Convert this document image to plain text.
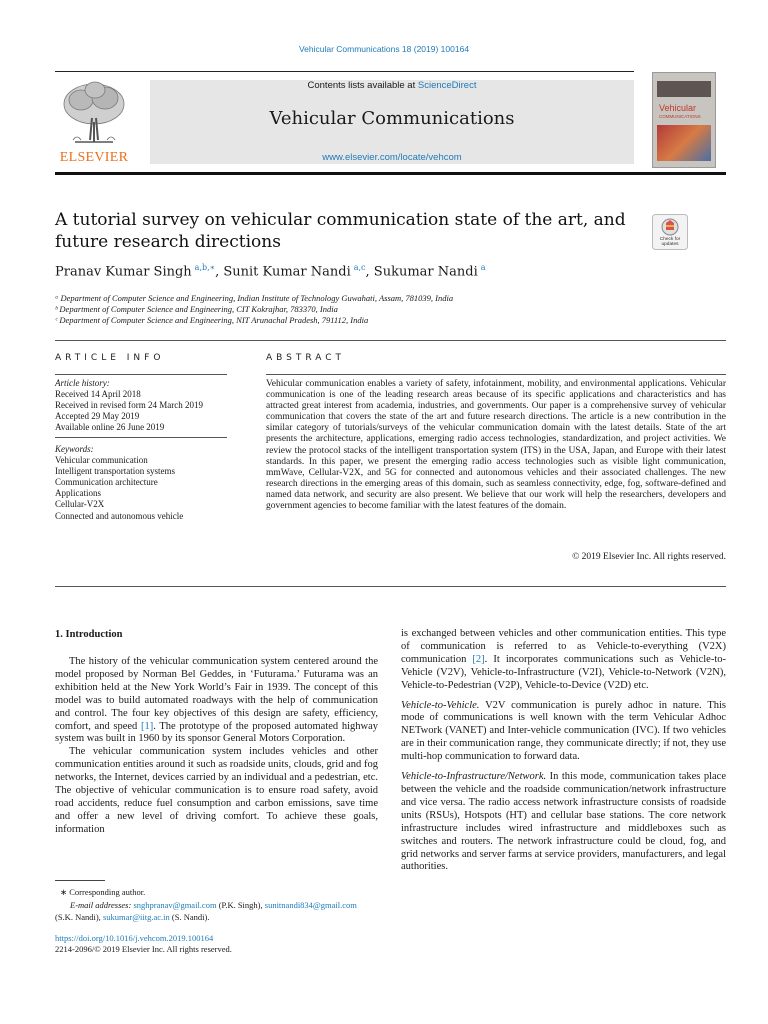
Vehicular Communications 18 (2019) 100164
ELSEVIER
Contents lists available at ScienceDirect
Vehicular Communications
www.elsevier.com/locate/vehcom
Vehicular
COMMUNICATIONS
A tutorial survey on vehicular communication state of the art, and
future research directions	Check for updates
Pranav Kumar Singh $^{a,b,∗}$, Sunit Kumar Nandi $^{a,c}$, Sukumar Nandi $^a$
ᵃ Department of Computer Science and Engineering, Indian Institute of Technology Guwahati, Assam, 781039, India
ᵇ Department of Computer Science and Engineering, CIT Kokrajhar, 783370, India
ᶜ Department of Computer Science and Engineering, NIT Arunachal Pradesh, 791112, India
ARTICLE INFO	ABSTRACT
Article history:
Received 14 April 2018
Received in revised form 24 March 2019
Accepted 29 May 2019
Available online 26 June 2019
Keywords:
Vehicular communication
Intelligent transportation systems
Communication architecture
Applications
Cellular-V2X
Connected and autonomous vehicle
Vehicular communication enables a variety of safety, infotainment, mobility, and environmental applications. Vehicular communication is one of the leading research areas because of its specific applications and characteristics and has attracted great interest from academia, industries, and governments. Our paper is a comprehensive survey of vehicular communication that covers the state of the art and future research directions. The article is a new contribution in the similar category of tutorials/surveys of the vehicular communication domain with the latest details. State of the art presents the architecture, applications, emerging radio access technologies, standardization, and project activities. We review the protocol stacks of the intelligent transportation system (ITS) in the USA, Japan, and Europe with their latest standards. In this paper, we present the emerging radio access technologies such as visible light communication, mmWave, Cellular-V2X, and 5G for connected and autonomous vehicles and their associated challenges. The new research directions in the emerging areas of this domain, such as seamless connectivity, edge, fog, software-defined and named data network, and security are also present. We believe that our work will help the researchers, developers and government agencies to become familiar with the latest features of the domain.
© 2019 Elsevier Inc. All rights reserved.
1. Introduction

The history of the vehicular communication system centered around the model proposed by Norman Bel Geddes, in ‘Futurama.’ Futurama was an exhibition held at the New York World’s Fair in 1939. The concept of this model was to build automated roadways with the help of communication and control. The four key objectives of this design are safety, efficiency, comfort, and speed [1]. The prototype of the proposed automated highway system was built in 1960 by its sponsor General Motors Corporation.

The vehicular communication system includes vehicles and other communication entities around it such as roadside units, clouds, grid and fog networks, the Internet, devices carried by an individual and a pedestrian, etc. The objective of vehicular communication is to ensure road safety, avoid road accidents, reduce fuel consumption and carbon emissions, save time and offer a new level of driving comfort. To achieve these goals, information

is exchanged between vehicles and other communication entities. This type of communication is referred to as Vehicle-to-everything (V2X) communication [2]. It incorporates communications such as Vehicle-to-Vehicle (V2V), Vehicle-to-Infrastructure (V2I), Vehicle-to-Network (V2N), Vehicle-to-Pedestrian (V2P), Vehicle-to-Device (V2D) etc.

Vehicle-to-Vehicle. V2V communication is purely adhoc in nature. This mode of communications is well known with the term Vehicular Adhoc NETwork (VANET) and Inter-vehicle communication (IVC). If two vehicles are in their communication range, they communicate directly; if not, they use multi-hop communication to forward data.

Vehicle-to-Infrastructure/Network. In this mode, communication takes place between the vehicle and the roadside communication/network infrastructure and vice versa. The radio access network infrastructure consists of roadside units (RSUs), Hotspots (HT) and cellular base stations. The core network infrastructure includes wired infrastructure and middleboxes such as switches and routers. The network infrastructure could be cloud, fog, and grid networks and server farms at service providers, manufacturers, and legal authorities.

∗ Corresponding author.
E-mail addresses: snghpranav@gmail.com (P.K. Singh), sunitnandi834@gmail.com
(S.K. Nandi), sukumar@iitg.ac.in (S. Nandi).
https://doi.org/10.1016/j.vehcom.2019.100164
2214-2096/© 2019 Elsevier Inc. All rights reserved.
